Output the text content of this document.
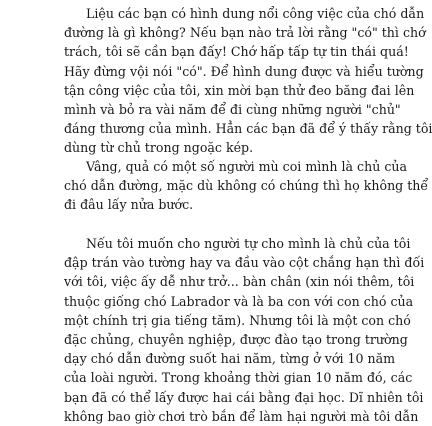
Liệu các bạn có hình dung nổi công việc của chó dẫn
đường là gì không? Nếu bạn nào trả lời rằng "có" thì chớ
trách, tôi sẽ cần bạn đấy! Chớ hấp tấp tự tin thái quá!
Hãy đừng vội nói "có". Để hình dung được và hiểu tường
tận công việc của tôi, xin mời bạn thử đeo băng đai lên
mình và bỏ ra vài năm để đi cùng những người "chủ"
đáng thương của mình. Hẳn các bạn đã để ý thấy rằng tôi
dùng từ chủ trong ngoặc kép.
Vâng, quả có một số người mù coi mình là chủ của
chó dẫn đường, mặc dù không có chúng thì họ không thể
đi đâu lấy nửa bước.
Nếu tôi muốn cho người tự cho mình là chủ của tôi
đập trán vào tường hay va đầu vào cột chắng hạn thì đối
với tôi, việc ấy dễ như trở... bàn chân (xin nói thêm, tôi
thuộc giống chó Labrador và là ba con với con chó của
một chính trị gia tiếng tăm). Nhưng tôi là một con chó
đặc chủng, chuyên nghiệp, được đào tạo trong trường
dạy chó dẫn đường suốt hai năm, từng ở với 10 năm
của loài người. Trong khoảng thời gian 10 năm đó, các
bạn đã có thể lấy được hai cái bằng đại học. Dĩ nhiên tôi
không bao giờ chơi trò bắn để làm hại người mà tôi dẫn
